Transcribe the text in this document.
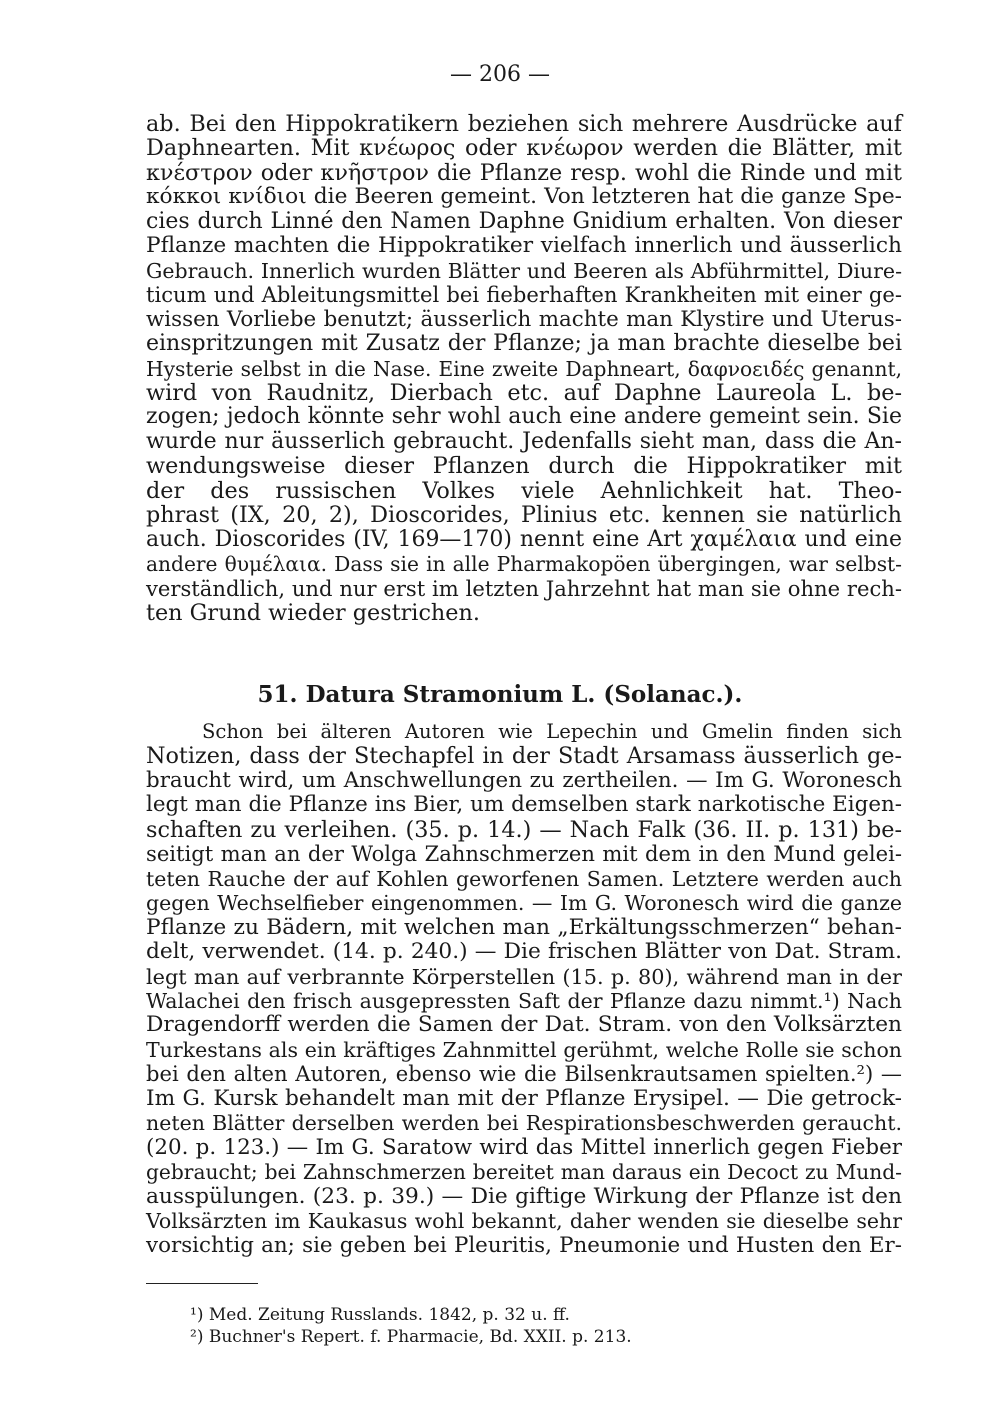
— 206 —
ab. Bei den Hippokratikern beziehen sich mehrere Ausdrücke auf
Daphnearten. Mit κνέωρος oder κνέωρον werden die Blätter, mit
κνέστρον oder κνῆστρον die Pflanze resp. wohl die Rinde und mit
κόκκοι κνίδιοι die Beeren gemeint. Von letzteren hat die ganze Spe-
cies durch Linné den Namen Daphne Gnidium erhalten. Von dieser
Pflanze machten die Hippokratiker vielfach innerlich und äusserlich
Gebrauch. Innerlich wurden Blätter und Beeren als Abführmittel, Diure-
ticum und Ableitungsmittel bei fieberhaften Krankheiten mit einer ge-
wissen Vorliebe benutzt; äusserlich machte man Klystire und Uterus-
einspritzungen mit Zusatz der Pflanze; ja man brachte dieselbe bei
Hysterie selbst in die Nase. Eine zweite Daphneart, δαφνοειδές genannt,
wird von Raudnitz, Dierbach etc. auf Daphne Laureola L. be-
zogen; jedoch könnte sehr wohl auch eine andere gemeint sein. Sie
wurde nur äusserlich gebraucht. Jedenfalls sieht man, dass die An-
wendungsweise dieser Pflanzen durch die Hippokratiker mit
der des russischen Volkes viele Aehnlichkeit hat. Theo-
phrast (IX, 20, 2), Dioscorides, Plinius etc. kennen sie natürlich
auch. Dioscorides (IV, 169—170) nennt eine Art χαμέλαια und eine
andere θυμέλαια. Dass sie in alle Pharmakopöen übergingen, war selbst-
verständlich, und nur erst im letzten Jahrzehnt hat man sie ohne rech-
ten Grund wieder gestrichen.
51. Datura Stramonium L. (Solanac.).
Schon bei älteren Autoren wie Lepechin und Gmelin finden sich
Notizen, dass der Stechapfel in der Stadt Arsamass äusserlich ge-
braucht wird, um Anschwellungen zu zertheilen. — Im G. Woronesch
legt man die Pflanze ins Bier, um demselben stark narkotische Eigen-
schaften zu verleihen. (35. p. 14.) — Nach Falk (36. II. p. 131) be-
seitigt man an der Wolga Zahnschmerzen mit dem in den Mund gelei-
teten Rauche der auf Kohlen geworfenen Samen. Letztere werden auch
gegen Wechselfieber eingenommen. — Im G. Woronesch wird die ganze
Pflanze zu Bädern, mit welchen man „Erkältungsschmerzen“ behan-
delt, verwendet. (14. p. 240.) — Die frischen Blätter von Dat. Stram.
legt man auf verbrannte Körperstellen (15. p. 80), während man in der
Walachei den frisch ausgepressten Saft der Pflanze dazu nimmt.¹) Nach
Dragendorff werden die Samen der Dat. Stram. von den Volksärzten
Turkestans als ein kräftiges Zahnmittel gerühmt, welche Rolle sie schon
bei den alten Autoren, ebenso wie die Bilsenkrautsamen spielten.²) —
Im G. Kursk behandelt man mit der Pflanze Erysipel. — Die getrock-
neten Blätter derselben werden bei Respirationsbeschwerden geraucht.
(20. p. 123.) — Im G. Saratow wird das Mittel innerlich gegen Fieber
gebraucht; bei Zahnschmerzen bereitet man daraus ein Decoct zu Mund-
ausspülungen. (23. p. 39.) — Die giftige Wirkung der Pflanze ist den
Volksärzten im Kaukasus wohl bekannt, daher wenden sie dieselbe sehr
vorsichtig an; sie geben bei Pleuritis, Pneumonie und Husten den Er-
¹) Med. Zeitung Russlands. 1842, p. 32 u. ff.
²) Buchner's Repert. f. Pharmacie, Bd. XXII. p. 213.
